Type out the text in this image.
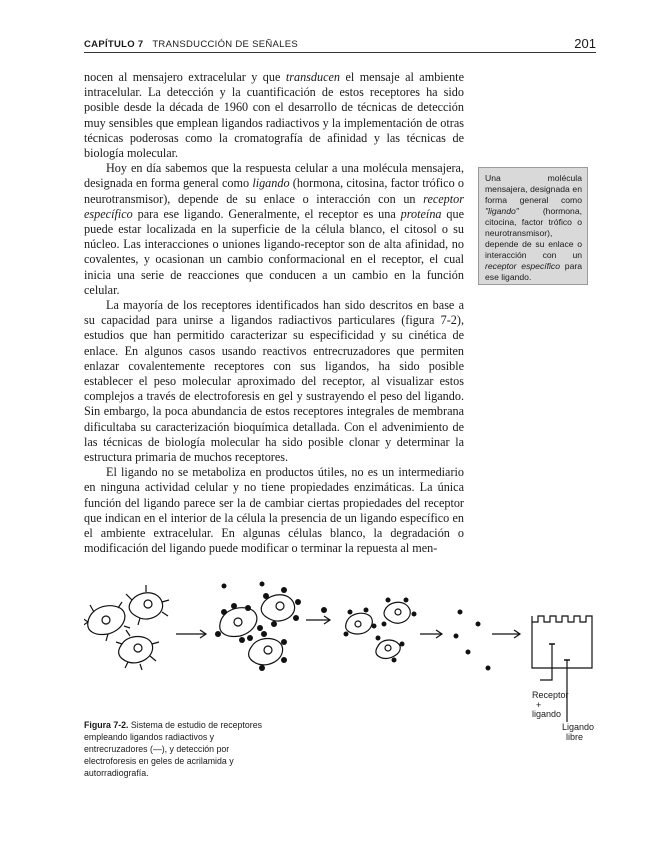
CAPÍTULO 7 TRANSDUCCIÓN DE SEÑALES	201

nocen al mensajero extracelular y que transducen el mensaje al ambiente intracelular. La detección y la cuantificación de estos receptores ha sido posible desde la década de 1960 con el desarrollo de técnicas de detección muy sensibles que emplean ligandos radiactivos y la implementación de otras técnicas poderosas como la cromatografía de afinidad y las técnicas de biología molecular.

Hoy en día sabemos que la respuesta celular a una molécula mensajera, designada en forma general como ligando (hormona, citosina, factor trófico o neurotransmisor), depende de su enlace o interacción con un receptor específico para ese ligando. Generalmente, el receptor es una proteína que puede estar localizada en la superficie de la célula blanco, el citosol o su núcleo. Las interacciones o uniones ligando-receptor son de alta afinidad, no covalentes, y ocasionan un cambio conformacional en el receptor, el cual inicia una serie de reacciones que conducen a un cambio en la función celular.

La mayoría de los receptores identificados han sido descritos en base a su capacidad para unirse a ligandos radiactivos particulares (figura 7-2), estudios que han permitido caracterizar su especificidad y su cinética de enlace. En algunos casos usando reactivos entrecruzadores que permiten enlazar covalentemente receptores con sus ligandos, ha sido posible establecer el peso molecular aproximado del receptor, al visualizar estos complejos a través de electroforesis en gel y sustrayendo el peso del ligando. Sin embargo, la poca abundancia de estos receptores integrales de membrana dificultaba su caracterización bioquímica detallada. Con el advenimiento de las técnicas de biología molecular ha sido posible clonar y determinar la estructura primaria de muchos receptores.

El ligando no se metaboliza en productos útiles, no es un intermediario en ninguna actividad celular y no tiene propiedades enzimáticas. La única función del ligando parece ser la de cambiar ciertas propiedades del receptor que indican en el interior de la célula la presencia de un ligando específico en el ambiente extracelular. En algunas células blanco, la degradación o modificación del ligando puede modificar o terminar la repuesta al men-

Una molécula mensajera, designada en forma general como "ligando" (hormona, citocina, factor trófico o neurotransmisor), depende de su enlace o interacción con un receptor específico para ese ligando.
Figura 7-2. Sistema de estudio de receptores empleando ligandos radiactivos y entrecruzadores (—), y detección por electroforesis en geles de acrilamida y autorradiografía.
Receptor
+
ligando
Ligando
libre
